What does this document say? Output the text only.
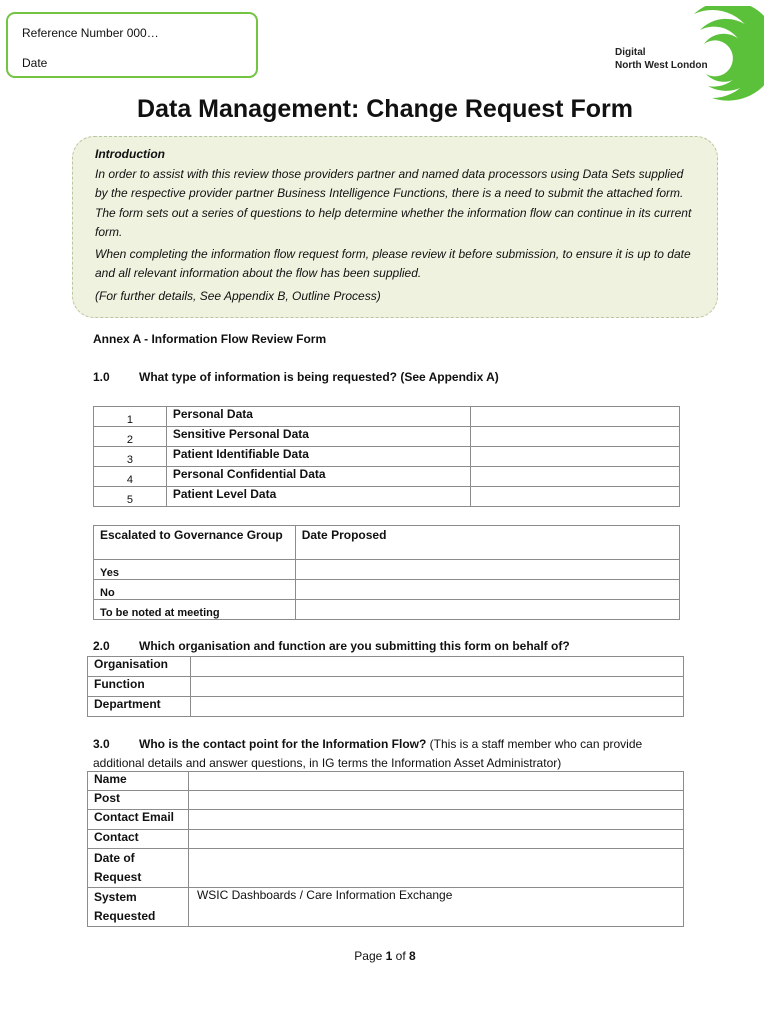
Reference Number 000…
Date
Digital
North West London
Data Management: Change Request Form

Introduction

In order to assist with this review those providers partner and named data processors using Data Sets supplied by the respective provider partner Business Intelligence Functions, there is a need to submit the attached form. The form sets out a series of questions to help determine whether the information flow can continue in its current form.

When completing the information flow request form, please review it before submission, to ensure it is up to date and all relevant information about the flow has been supplied.

(For further details, See Appendix B, Outline Process)

Annex A - Information Flow Review Form
1.0 What type of information is being requested? (See Appendix A)
1	Personal Data	
2	Sensitive Personal Data	
3	Patient Identifiable Data	
4	Personal Confidential Data	
5	Patient Level Data	
Escalated to Governance Group	Date Proposed
Yes	
No	
To be noted at meeting	
2.0 Which organisation and function are you submitting this form on behalf of?
Organisation	
Function	
Department	
3.0 Who is the contact point for the Information Flow? (This is a staff member who can provide
additional details and answer questions, in IG terms the Information Asset Administrator)
Name	
Post	
Contact Email	
Contact	
Date of Request	
System Requested	WSIC Dashboards / Care Information Exchange
Page 1 of 8
